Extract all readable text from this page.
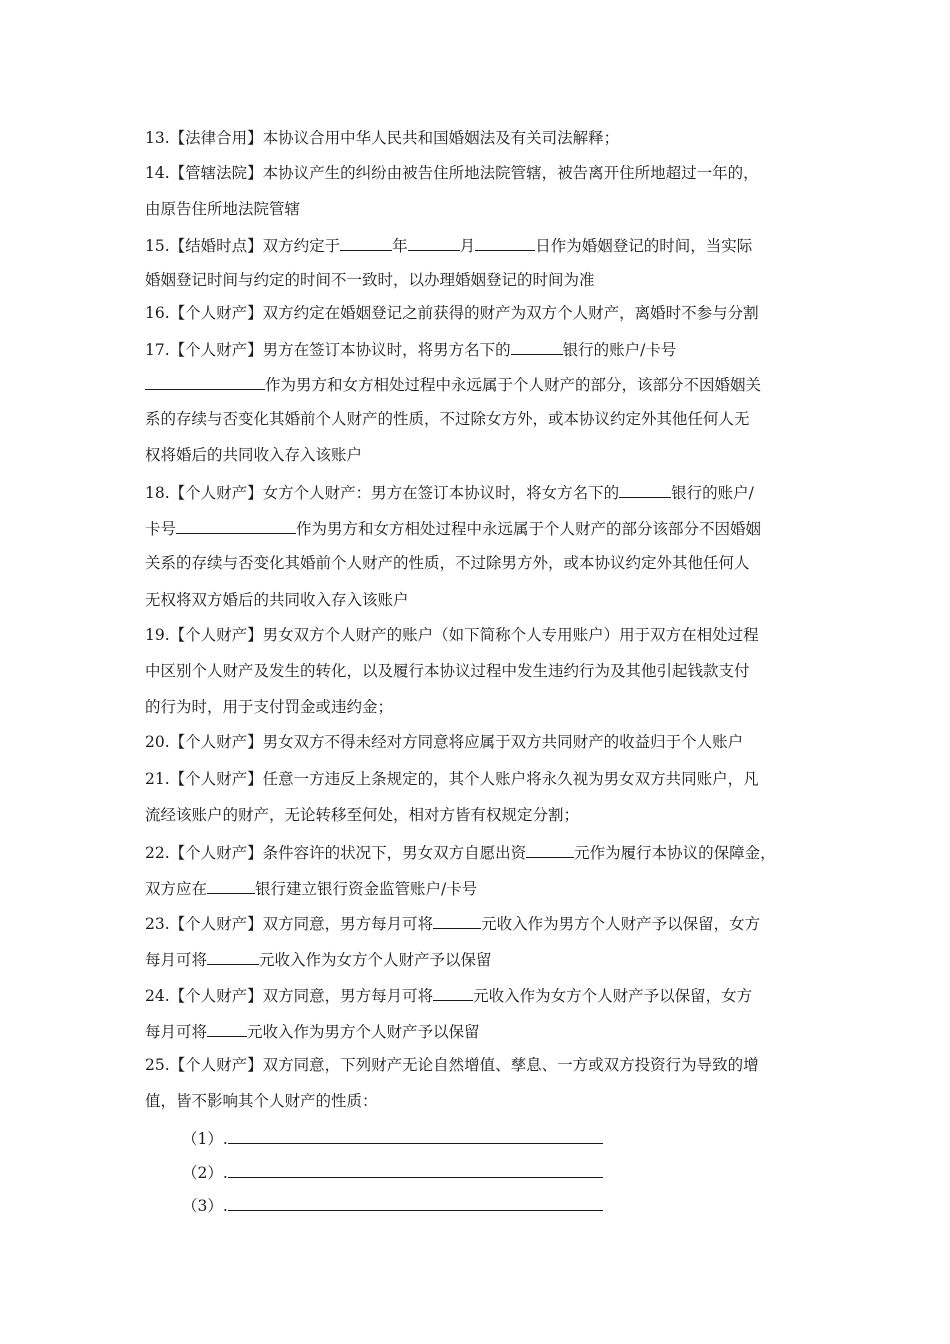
13.【法律合用】本协议合用中华人民共和国婚姻法及有关司法解释；
14.【管辖法院】本协议产生的纠纷由被告住所地法院管辖，被告离开住所地超过一年的，
由原告住所地法院管辖
15.【结婚时点】双方约定于	年	月	日作为婚姻登记的时间，当实际
婚姻登记时间与约定的时间不一致时，以办理婚姻登记的时间为准
16.【个人财产】双方约定在婚姻登记之前获得的财产为双方个人财产，离婚时不参与分割
17.【个人财产】男方在签订本协议时，将男方名下的	银行的账户/卡号
作为男方和女方相处过程中永远属于个人财产的部分，该部分不因婚姻关
系的存续与否变化其婚前个人财产的性质，不过除女方外，或本协议约定外其他任何人无
权将婚后的共同收入存入该账户
18.【个人财产】女方个人财产：男方在签订本协议时，将女方名下的	银行的账户/
卡号	作为男方和女方相处过程中永远属于个人财产的部分该部分不因婚姻
关系的存续与否变化其婚前个人财产的性质，不过除男方外，或本协议约定外其他任何人
无权将双方婚后的共同收入存入该账户
19.【个人财产】男女双方个人财产的账户（如下简称个人专用账户）用于双方在相处过程
中区别个人财产及发生的转化，以及履行本协议过程中发生违约行为及其他引起钱款支付
的行为时，用于支付罚金或违约金；
20.【个人财产】男女双方不得未经对方同意将应属于双方共同财产的收益归于个人账户
21.【个人财产】任意一方违反上条规定的，其个人账户将永久视为男女双方共同账户，凡
流经该账户的财产，无论转移至何处，相对方皆有权规定分割；
22.【个人财产】条件容许的状况下，男女双方自愿出资	元作为履行本协议的保障金，
双方应在	银行建立银行资金监管账户/卡号
23.【个人财产】双方同意，男方每月可将	元收入作为男方个人财产予以保留，女方
每月可将	元收入作为女方个人财产予以保留
24.【个人财产】双方同意，男方每月可将	元收入作为女方个人财产予以保留，女方
每月可将	元收入作为男方个人财产予以保留
25.【个人财产】双方同意，下列财产无论自然增值、孳息、一方或双方投资行为导致的增
值，皆不影响其个人财产的性质：
（1）.
（2）.
（3）.
